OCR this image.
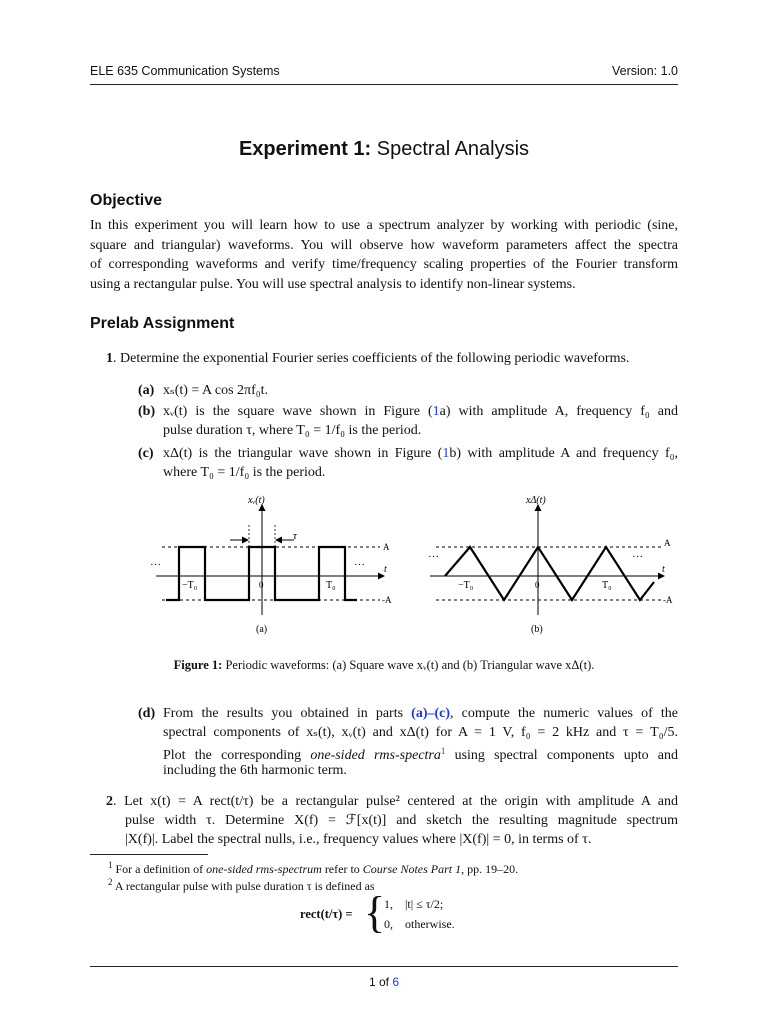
ELE 635 Communication Systems	Version: 1.0
Experiment 1: Spectral Analysis
Objective
In this experiment you will learn how to use a spectrum analyzer by working with periodic (sine,
square and triangular) waveforms. You will observe how waveform parameters affect the spectra
of corresponding waveforms and verify time/frequency scaling properties of the Fourier transform
using a rectangular pulse. You will use spectral analysis to identify non-linear systems.
Prelab Assignment
1. Determine the exponential Fourier series coefficients of the following periodic waveforms.
(a) xₛ(t) = A cos 2πf₀t.
(b) xᵥ(t) is the square wave shown in Figure (1a) with amplitude A, frequency f₀ and
pulse duration τ, where T₀ = 1/f₀ is the period.
(c) xΔ(t) is the triangular wave shown in Figure (1b) with amplitude A and frequency f₀,
where T₀ = 1/f₀ is the period.
τ
xᵥ(t)
A
-A
t
−T₀	0	T₀
···	···
(a)
xΔ(t)
A
-A
t
−T₀	0	T₀
···	···
(b)
Figure 1: Periodic waveforms: (a) Square wave xᵥ(t) and (b) Triangular wave xΔ(t).
(d) From the results you obtained in parts (a)–(c), compute the numeric values of the
spectral components of xₛ(t), xᵥ(t) and xΔ(t) for A = 1 V, f₀ = 2 kHz and τ = T₀/5.
Plot the corresponding one-sided rms-spectra$^1$ using spectral components upto and
including the 6th harmonic term.
2. Let x(t) = A rect(t/τ) be a rectangular pulse² centered at the origin with amplitude A and
pulse width τ. Determine X(f) = ℱ[x(t)] and sketch the resulting magnitude spectrum
|X(f)|. Label the spectral nulls, i.e., frequency values where |X(f)| = 0, in terms of τ.
$^1$ For a definition of one-sided rms-spectrum refer to Course Notes Part 1, pp. 19–20.
$^2$ A rectangular pulse with pulse duration τ is defined as
rect(t/τ) = {
1, |t| ≤ τ/2;
0, otherwise.
1 of 6
